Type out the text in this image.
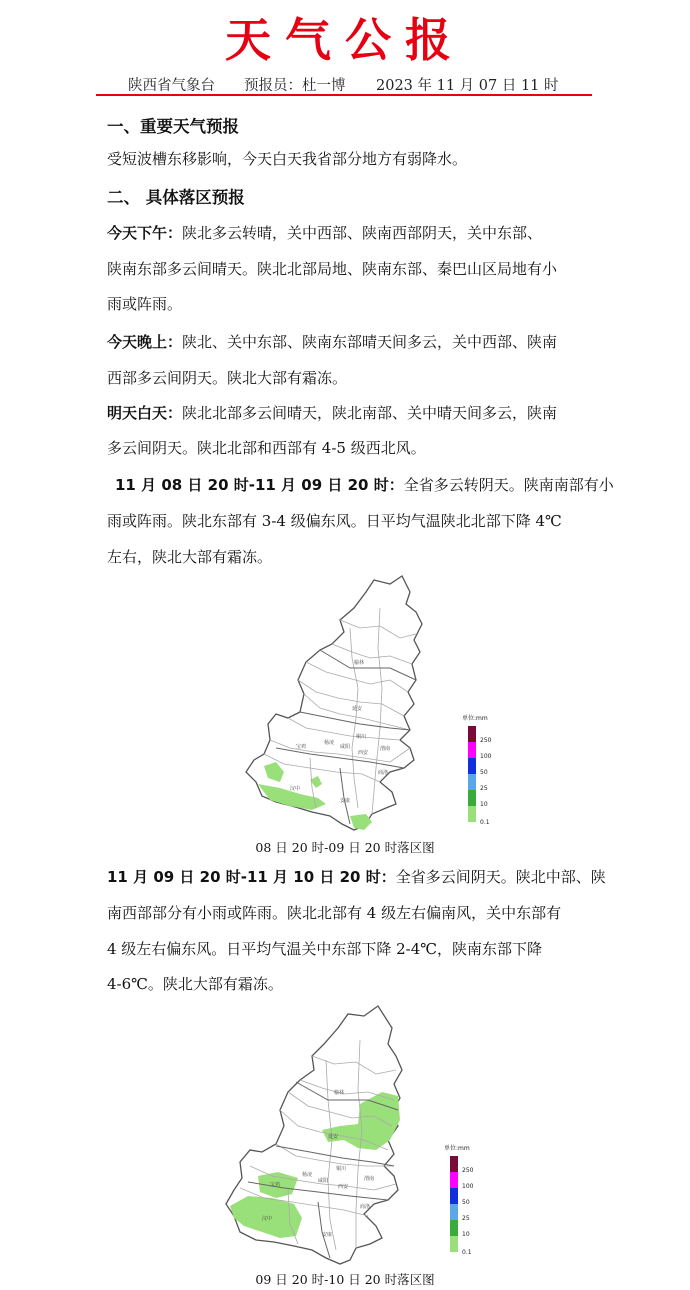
天气公报
陕西省气象台 预报员：杜一博 2023 年 11 月 07 日 11 时
一、重要天气预报
受短波槽东移影响，今天白天我省部分地方有弱降水。
二、 具体落区预报
今天下午：陕北多云转晴，关中西部、陕南西部阴天，关中东部、
陕南东部多云间晴天。陕北北部局地、陕南东部、秦巴山区局地有小
雨或阵雨。
今天晚上：陕北、关中东部、陕南东部晴天间多云，关中西部、陕南
西部多云间阴天。陕北大部有霜冻。
明天白天：陕北北部多云间晴天，陕北南部、关中晴天间多云，陕南
多云间阴天。陕北北部和西部有 4-5 级西北风。
11 月 08 日 20 时-11 月 09 日 20 时：全省多云转阴天。陕南南部有小
雨或阵雨。陕北东部有 3-4 级偏东风。日平均气温陕北北部下降 4℃
左右，陕北大部有霜冻。
榆林
延安
铜川
渭南
西安
咸阳
宝鸡
汉中
安康
商洛
杨凌
单位:mm
250
100
50
25
10
0.1
08 日 20 时-09 日 20 时落区图
11 月 09 日 20 时-11 月 10 日 20 时：全省多云间阴天。陕北中部、陕
南西部部分有小雨或阵雨。陕北北部有 4 级左右偏南风，关中东部有
4 级左右偏东风。日平均气温关中东部下降 2-4℃，陕南东部下降
4-6℃。陕北大部有霜冻。
榆林
延安
铜川
渭南
西安
咸阳
宝鸡
汉中
安康
商洛
杨凌
单位:mm
250
100
50
25
10
0.1
09 日 20 时-10 日 20 时落区图
